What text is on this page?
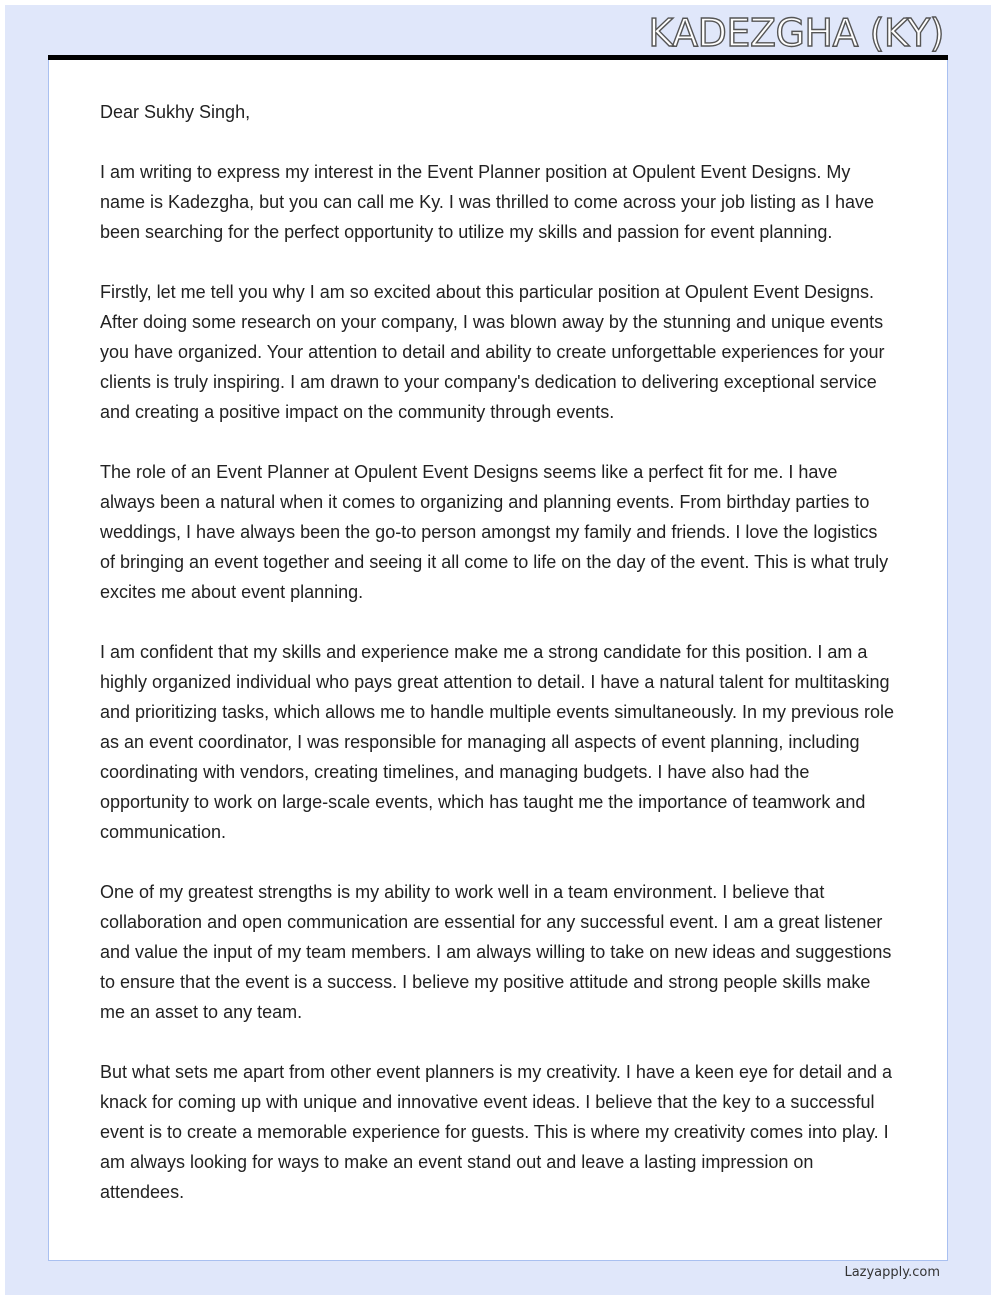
KADEZGHA (KY)

Dear Sukhy Singh,

I am writing to express my interest in the Event Planner position at Opulent Event Designs. My name is Kadezgha, but you can call me Ky. I was thrilled to come across your job listing as I have been searching for the perfect opportunity to utilize my skills and passion for event planning.

Firstly, let me tell you why I am so excited about this particular position at Opulent Event Designs. After doing some research on your company, I was blown away by the stunning and unique events you have organized. Your attention to detail and ability to create unforgettable experiences for your clients is truly inspiring. I am drawn to your company's dedication to delivering exceptional service and creating a positive impact on the community through events.

The role of an Event Planner at Opulent Event Designs seems like a perfect fit for me. I have always been a natural when it comes to organizing and planning events. From birthday parties to weddings, I have always been the go-to person amongst my family and friends. I love the logistics of bringing an event together and seeing it all come to life on the day of the event. This is what truly excites me about event planning.

I am confident that my skills and experience make me a strong candidate for this position. I am a highly organized individual who pays great attention to detail. I have a natural talent for multitasking and prioritizing tasks, which allows me to handle multiple events simultaneously. In my previous role as an event coordinator, I was responsible for managing all aspects of event planning, including coordinating with vendors, creating timelines, and managing budgets. I have also had the opportunity to work on large-scale events, which has taught me the importance of teamwork and communication.

One of my greatest strengths is my ability to work well in a team environment. I believe that collaboration and open communication are essential for any successful event. I am a great listener and value the input of my team members. I am always willing to take on new ideas and suggestions to ensure that the event is a success. I believe my positive attitude and strong people skills make me an asset to any team.

But what sets me apart from other event planners is my creativity. I have a keen eye for detail and a knack for coming up with unique and innovative event ideas. I believe that the key to a successful event is to create a memorable experience for guests. This is where my creativity comes into play. I am always looking for ways to make an event stand out and leave a lasting impression on attendees.

Lazyapply.com
